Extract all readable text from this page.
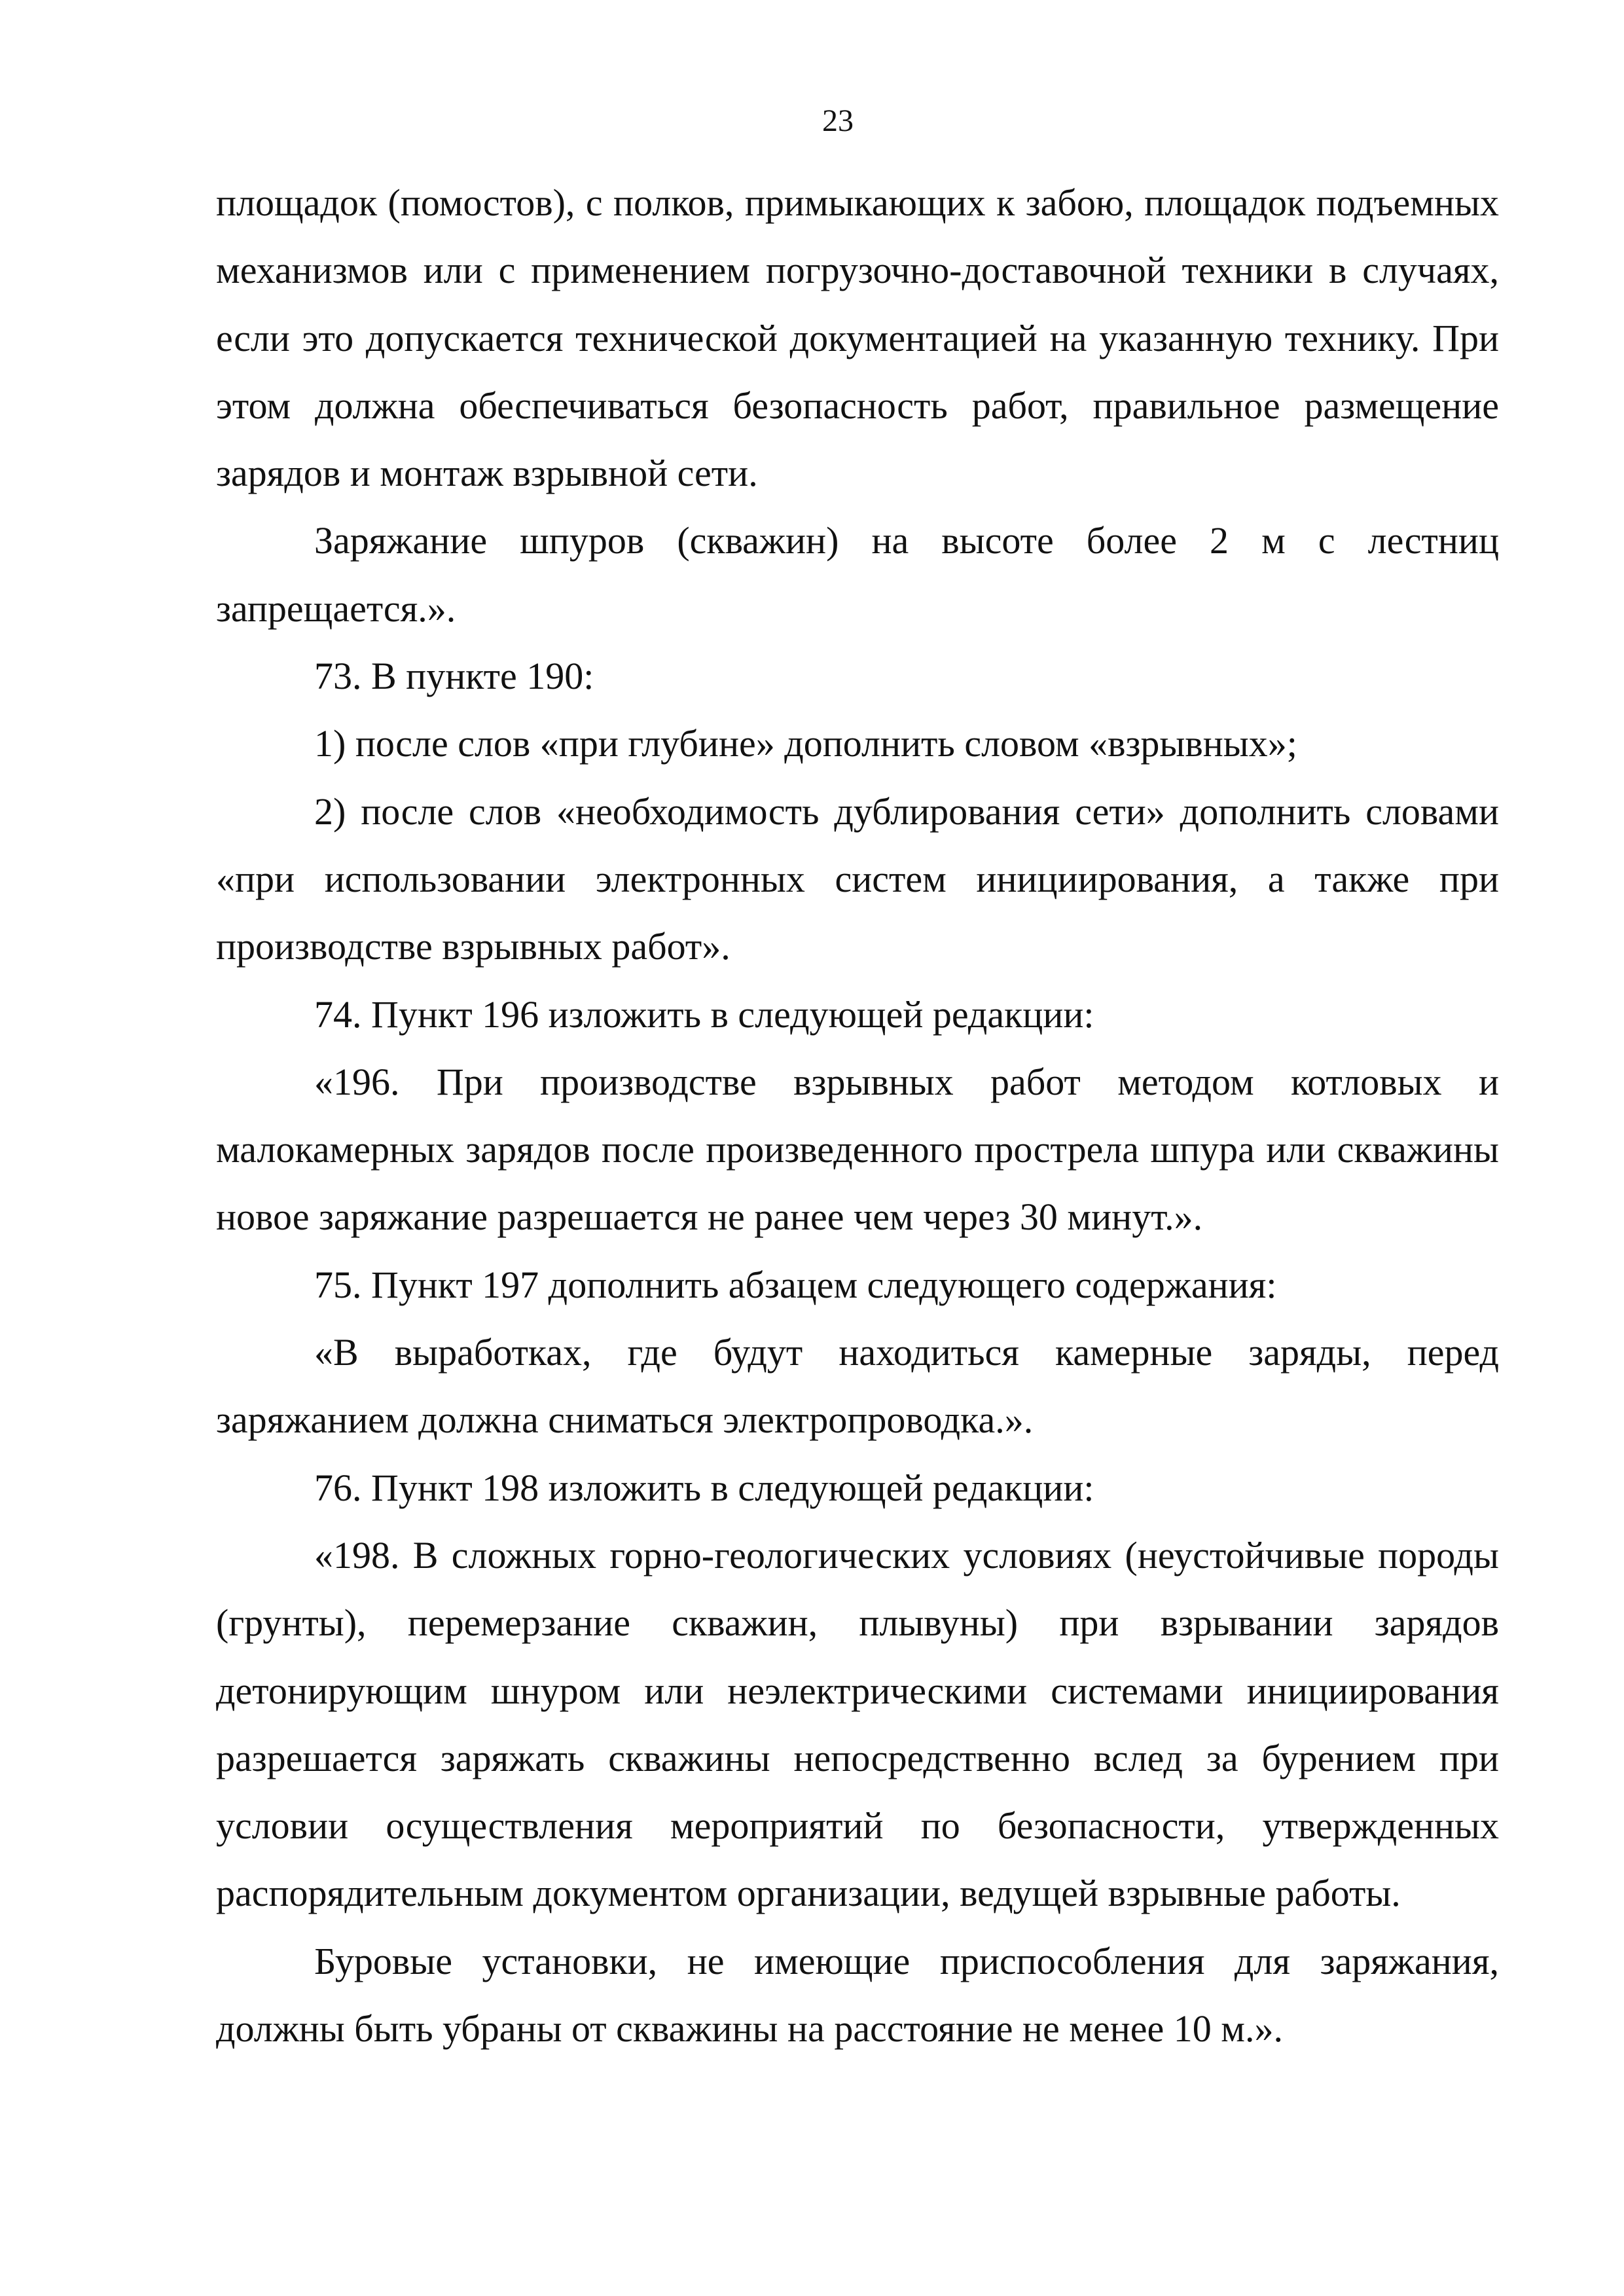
23

площадок (помостов), с полков, примыкающих к забою, площадок подъемных механизмов или с применением погрузочно-доставочной техники в случаях, если это допускается технической документацией на указанную технику. При этом должна обеспечиваться безопасность работ, правильное размещение зарядов и монтаж взрывной сети.

Заряжание шпуров (скважин) на высоте более 2 м с лестниц запрещается.».

73. В пункте 190:

1) после слов «при глубине» дополнить словом «взрывных»;

2) после слов «необходимость дублирования сети» дополнить словами «при использовании электронных систем инициирования, а также при производстве взрывных работ».

74. Пункт 196 изложить в следующей редакции:

«196. При производстве взрывных работ методом котловых и малокамерных зарядов после произведенного прострела шпура или скважины новое заряжание разрешается не ранее чем через 30 минут.».

75. Пункт 197 дополнить абзацем следующего содержания:

«В выработках, где будут находиться камерные заряды, перед заряжанием должна сниматься электропроводка.».

76. Пункт 198 изложить в следующей редакции:

«198. В сложных горно-геологических условиях (неустойчивые породы (грунты), перемерзание скважин, плывуны) при взрывании зарядов детонирующим шнуром или неэлектрическими системами инициирования разрешается заряжать скважины непосредственно вслед за бурением при условии осуществления мероприятий по безопасности, утвержденных распорядительным документом организации, ведущей взрывные работы.

Буровые установки, не имеющие приспособления для заряжания, должны быть убраны от скважины на расстояние не менее 10 м.».
